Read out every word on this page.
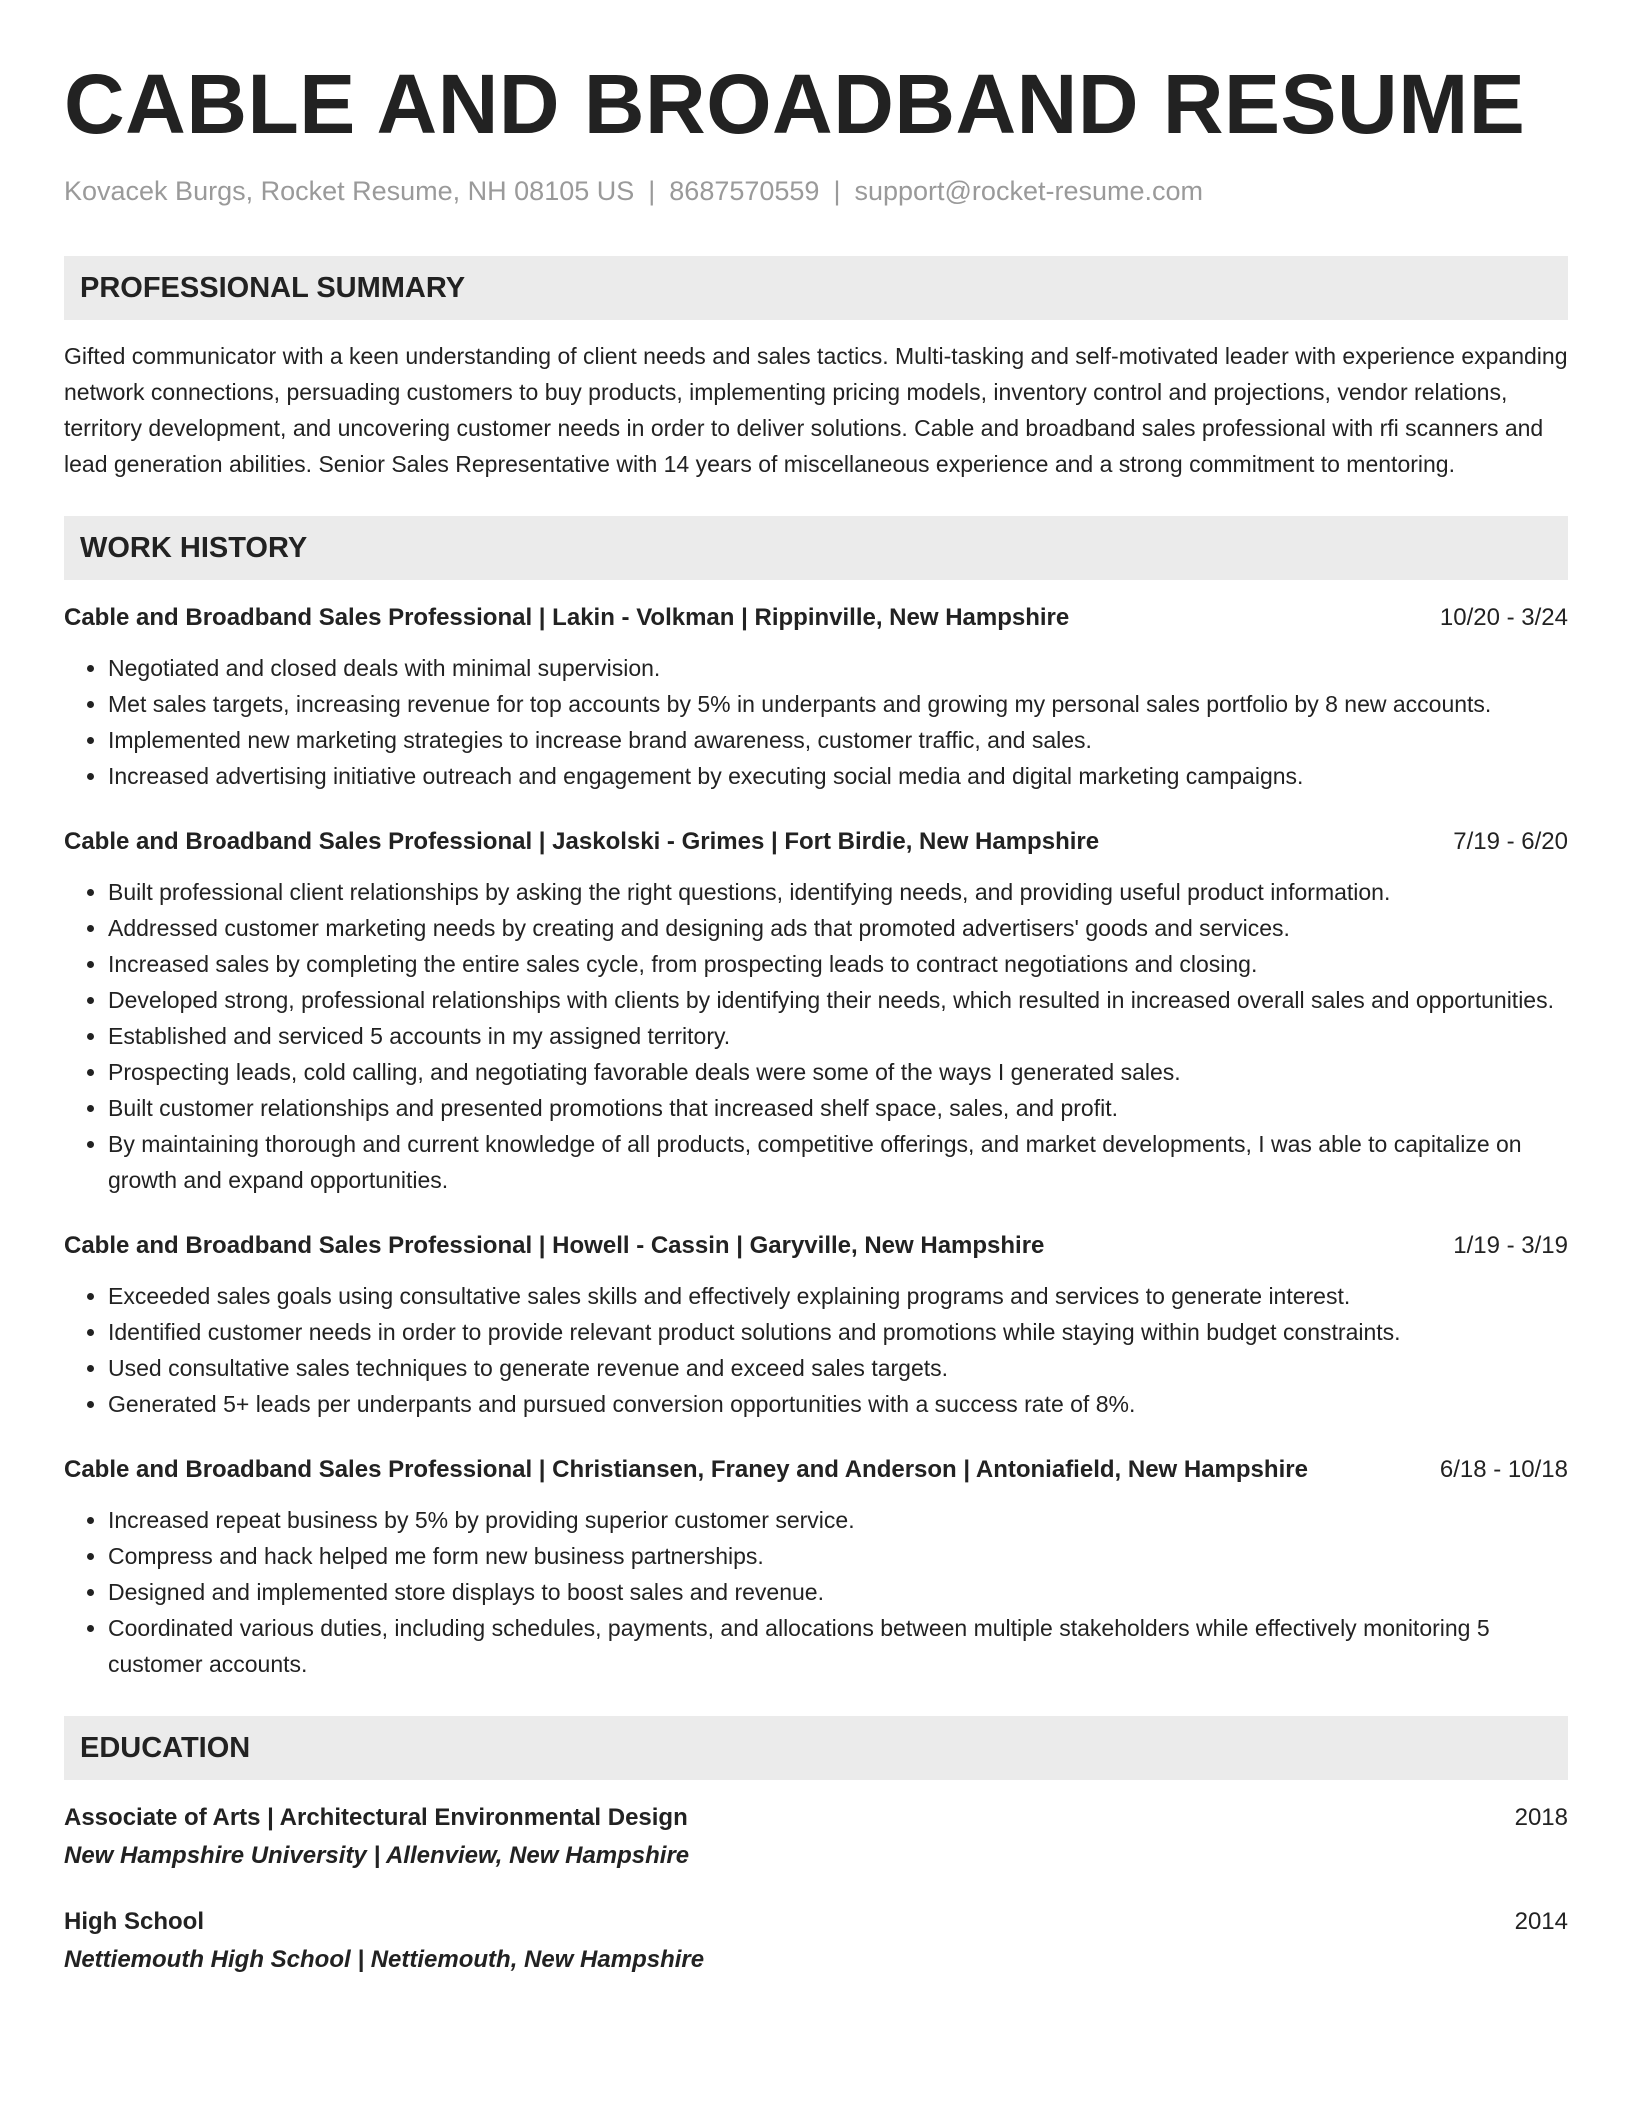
CABLE AND BROADBAND RESUME
Kovacek Burgs, Rocket Resume, NH 08105 US | 8687570559 | support@rocket-resume.com
PROFESSIONAL SUMMARY
Gifted communicator with a keen understanding of client needs and sales tactics. Multi-tasking and self-motivated leader with experience expanding network connections, persuading customers to buy products, implementing pricing models, inventory control and projections, vendor relations, territory development, and uncovering customer needs in order to deliver solutions. Cable and broadband sales professional with rfi scanners and lead generation abilities. Senior Sales Representative with 14 years of miscellaneous experience and a strong commitment to mentoring.
WORK HISTORY
Cable and Broadband Sales Professional | Lakin - Volkman | Rippinville, New Hampshire	10/20 - 3/24
• Negotiated and closed deals with minimal supervision.
• Met sales targets, increasing revenue for top accounts by 5% in underpants and growing my personal sales portfolio by 8 new accounts.
• Implemented new marketing strategies to increase brand awareness, customer traffic, and sales.
• Increased advertising initiative outreach and engagement by executing social media and digital marketing campaigns.
Cable and Broadband Sales Professional | Jaskolski - Grimes | Fort Birdie, New Hampshire	7/19 - 6/20
• Built professional client relationships by asking the right questions, identifying needs, and providing useful product information.
• Addressed customer marketing needs by creating and designing ads that promoted advertisers' goods and services.
• Increased sales by completing the entire sales cycle, from prospecting leads to contract negotiations and closing.
• Developed strong, professional relationships with clients by identifying their needs, which resulted in increased overall sales and opportunities.
• Established and serviced 5 accounts in my assigned territory.
• Prospecting leads, cold calling, and negotiating favorable deals were some of the ways I generated sales.
• Built customer relationships and presented promotions that increased shelf space, sales, and profit.
• By maintaining thorough and current knowledge of all products, competitive offerings, and market developments, I was able to capitalize on growth and expand opportunities.
Cable and Broadband Sales Professional | Howell - Cassin | Garyville, New Hampshire	1/19 - 3/19
• Exceeded sales goals using consultative sales skills and effectively explaining programs and services to generate interest.
• Identified customer needs in order to provide relevant product solutions and promotions while staying within budget constraints.
• Used consultative sales techniques to generate revenue and exceed sales targets.
• Generated 5+ leads per underpants and pursued conversion opportunities with a success rate of 8%.
Cable and Broadband Sales Professional | Christiansen, Franey and Anderson | Antoniafield, New Hampshire	6/18 - 10/18
• Increased repeat business by 5% by providing superior customer service.
• Compress and hack helped me form new business partnerships.
• Designed and implemented store displays to boost sales and revenue.
• Coordinated various duties, including schedules, payments, and allocations between multiple stakeholders while effectively monitoring 5 customer accounts.
EDUCATION
Associate of Arts | Architectural Environmental Design	2018
New Hampshire University | Allenview, New Hampshire
High School	2014
Nettiemouth High School | Nettiemouth, New Hampshire
